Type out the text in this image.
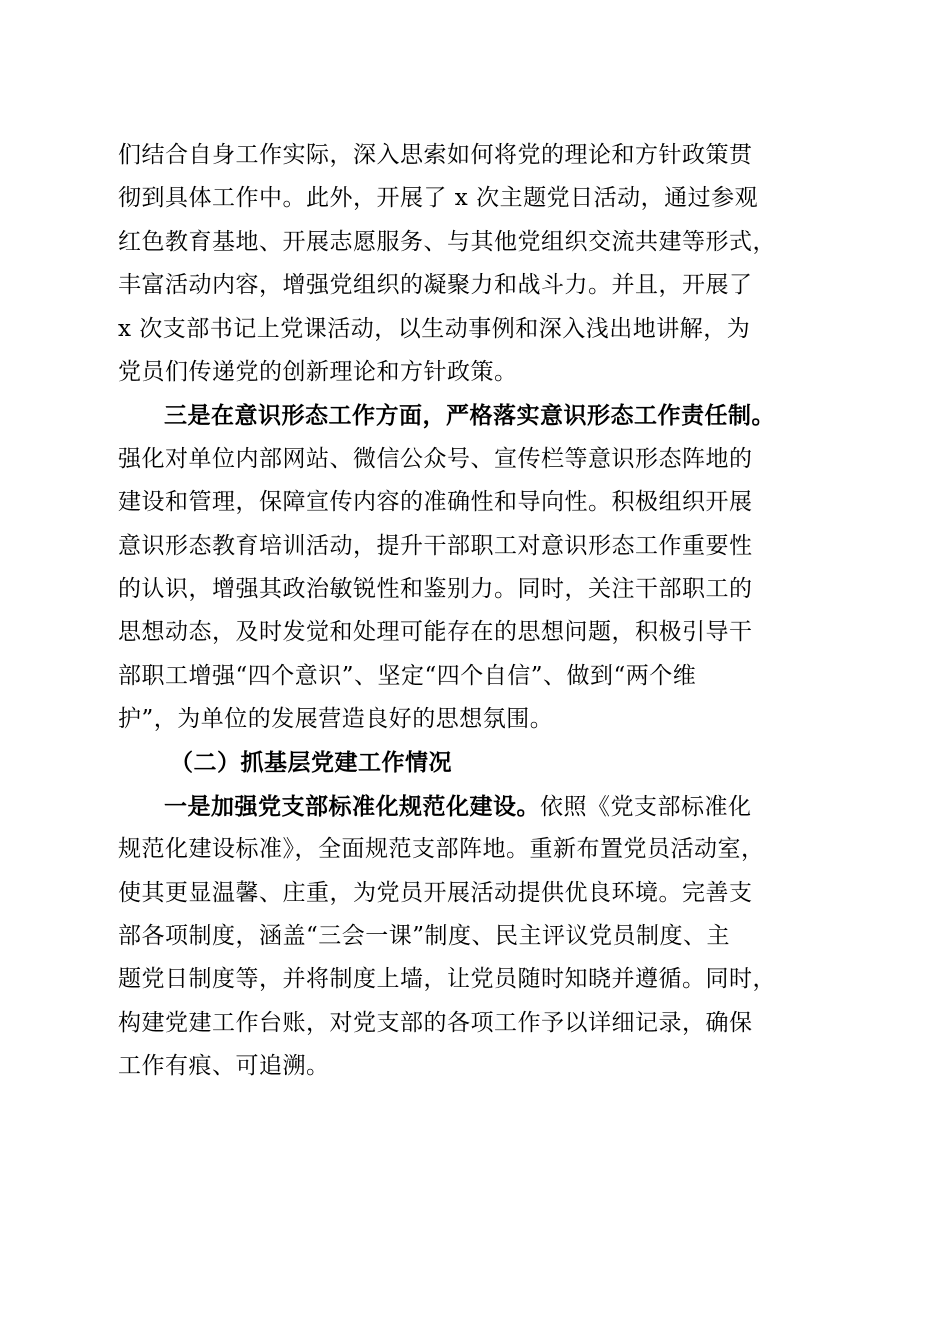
们结合自身工作实际，深入思索如何将党的理论和方针政策贯
彻到具体工作中。此外，开展了 x 次主题党日活动，通过参观
红色教育基地、开展志愿服务、与其他党组织交流共建等形式，
丰富活动内容，增强党组织的凝聚力和战斗力。并且，开展了
x 次支部书记上党课活动，以生动事例和深入浅出地讲解，为
党员们传递党的创新理论和方针政策。
三是在意识形态工作方面，严格落实意识形态工作责任制。
强化对单位内部网站、微信公众号、宣传栏等意识形态阵地的
建设和管理，保障宣传内容的准确性和导向性。积极组织开展
意识形态教育培训活动，提升干部职工对意识形态工作重要性
的认识，增强其政治敏锐性和鉴别力。同时，关注干部职工的
思想动态，及时发觉和处理可能存在的思想问题，积极引导干
部职工增强“四个意识”、坚定“四个自信”、做到“两个维
护”，为单位的发展营造良好的思想氛围。
（二）抓基层党建工作情况
一是加强党支部标准化规范化建设。依照《党支部标准化
规范化建设标准》，全面规范支部阵地。重新布置党员活动室，
使其更显温馨、庄重，为党员开展活动提供优良环境。完善支
部各项制度，涵盖“三会一课”制度、民主评议党员制度、主
题党日制度等，并将制度上墙，让党员随时知晓并遵循。同时，
构建党建工作台账，对党支部的各项工作予以详细记录，确保
工作有痕、可追溯。
